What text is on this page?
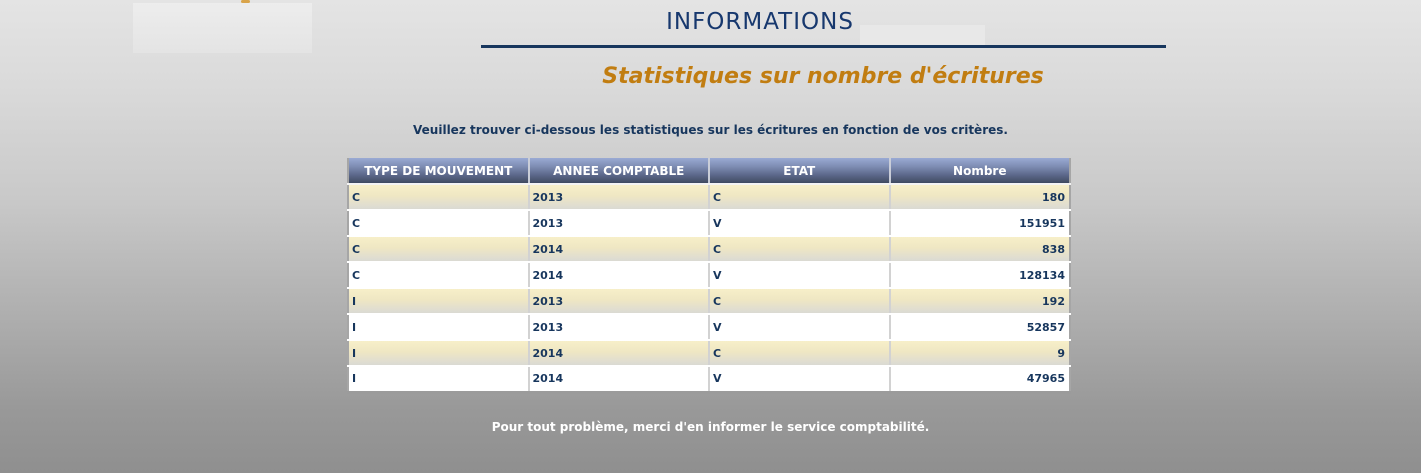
INFORMATIONS
Statistiques sur nombre d'écritures
Veuillez trouver ci-dessous les statistiques sur les écritures en fonction de vos critères.
TYPE DE MOUVEMENT	ANNEE COMPTABLE	ETAT	Nombre
C	2013	C	180
C	2013	V	151951
C	2014	C	838
C	2014	V	128134
I	2013	C	192
I	2013	V	52857
I	2014	C	9
I	2014	V	47965
Pour tout problème, merci d'en informer le service comptabilité.
